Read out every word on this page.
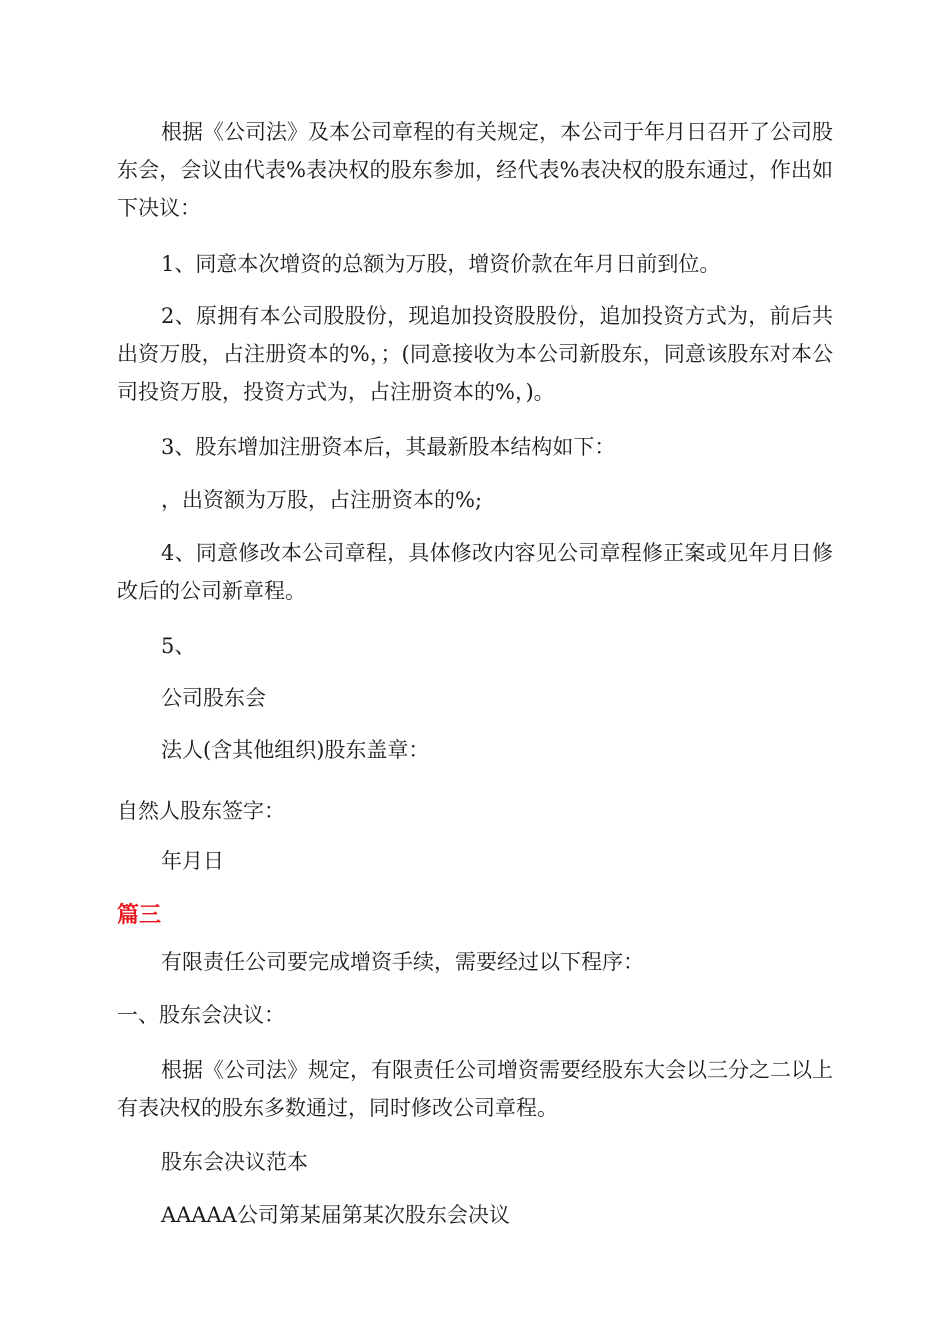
根据《公司法》及本公司章程的有关规定，本公司于年月日召开了公司股东会，会议由代表%表决权的股东参加，经代表%表决权的股东通过，作出如下决议：

1、同意本次增资的总额为万股，增资价款在年月日前到位。

2、原拥有本公司股股份，现追加投资股股份，追加投资方式为，前后共出资万股，占注册资本的%，；(同意接收为本公司新股东，同意该股东对本公司投资万股，投资方式为，占注册资本的%，)。

3、股东增加注册资本后，其最新股本结构如下：

，出资额为万股，占注册资本的%;

4、同意修改本公司章程，具体修改内容见公司章程修正案或见年月日修改后的公司新章程。

5、

公司股东会

法人(含其他组织)股东盖章：

自然人股东签字：

年月日

篇三

有限责任公司要完成增资手续，需要经过以下程序：

一、股东会决议：

根据《公司法》规定，有限责任公司增资需要经股东大会以三分之二以上有表决权的股东多数通过，同时修改公司章程。

股东会决议范本

AAAAA公司第某届第某次股东会决议
